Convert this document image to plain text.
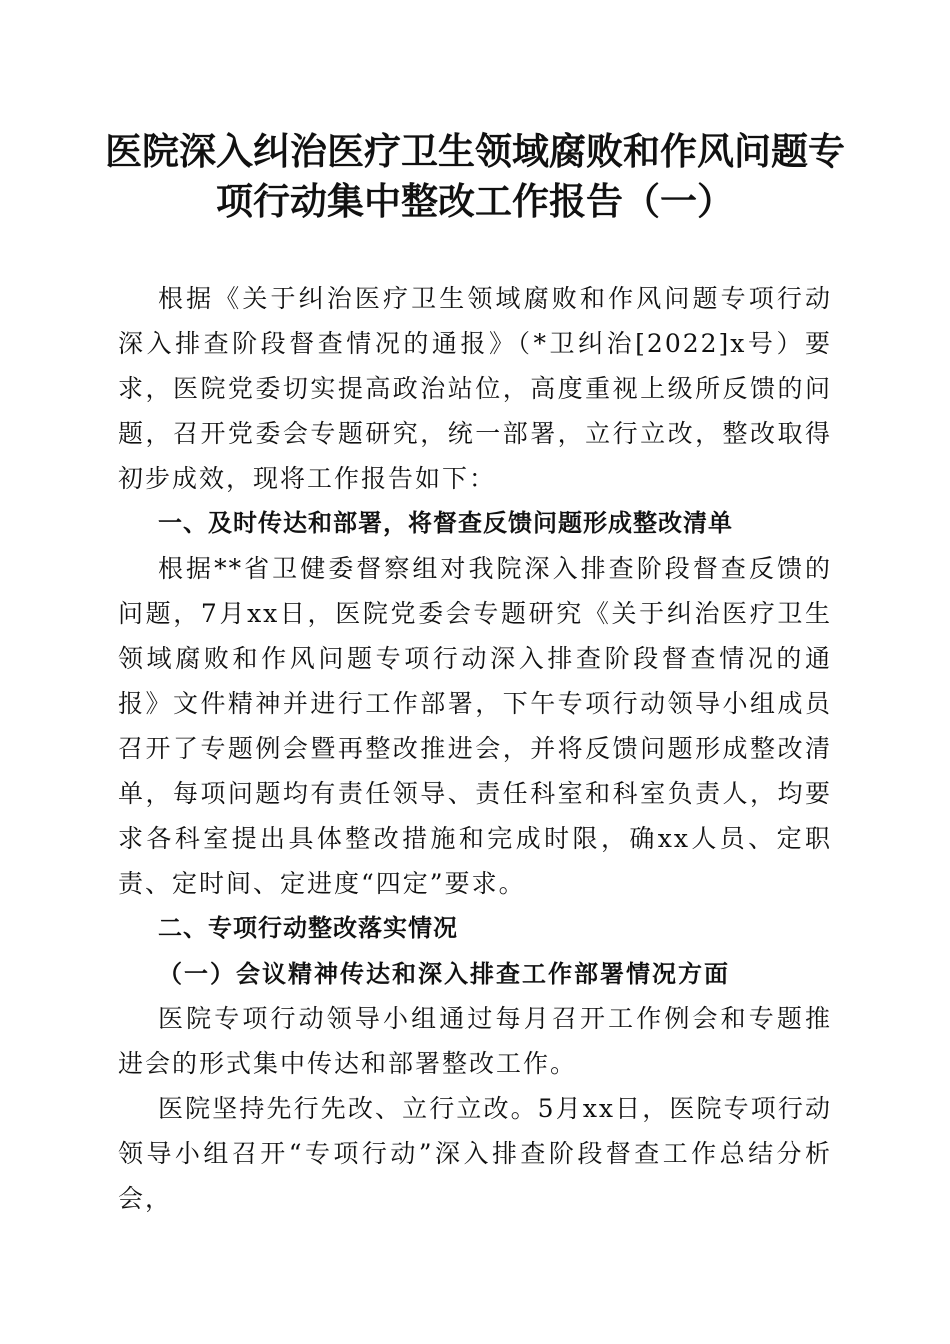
医院深入纠治医疗卫生领域腐败和作风问题专
项行动集中整改工作报告（一）

根据《关于纠治医疗卫生领域腐败和作风问题专项行动深入排查阶段督查情况的通报》（*卫纠治[2022]x号）要求，医院党委切实提高政治站位，高度重视上级所反馈的问题，召开党委会专题研究，统一部署，立行立改，整改取得初步成效，现将工作报告如下：

一、及时传达和部署，将督查反馈问题形成整改清单

根据**省卫健委督察组对我院深入排查阶段督查反馈的问题，7月xx日，医院党委会专题研究《关于纠治医疗卫生领域腐败和作风问题专项行动深入排查阶段督查情况的通报》文件精神并进行工作部署，下午专项行动领导小组成员召开了专题例会暨再整改推进会，并将反馈问题形成整改清单，每项问题均有责任领导、责任科室和科室负责人，均要求各科室提出具体整改措施和完成时限，确xx人员、定职责、定时间、定进度“四定”要求。

二、专项行动整改落实情况

（一）会议精神传达和深入排查工作部署情况方面

医院专项行动领导小组通过每月召开工作例会和专题推进会的形式集中传达和部署整改工作。

医院坚持先行先改、立行立改。5月xx日，医院专项行动领导小组召开“专项行动”深入排查阶段督查工作总结分析会，
